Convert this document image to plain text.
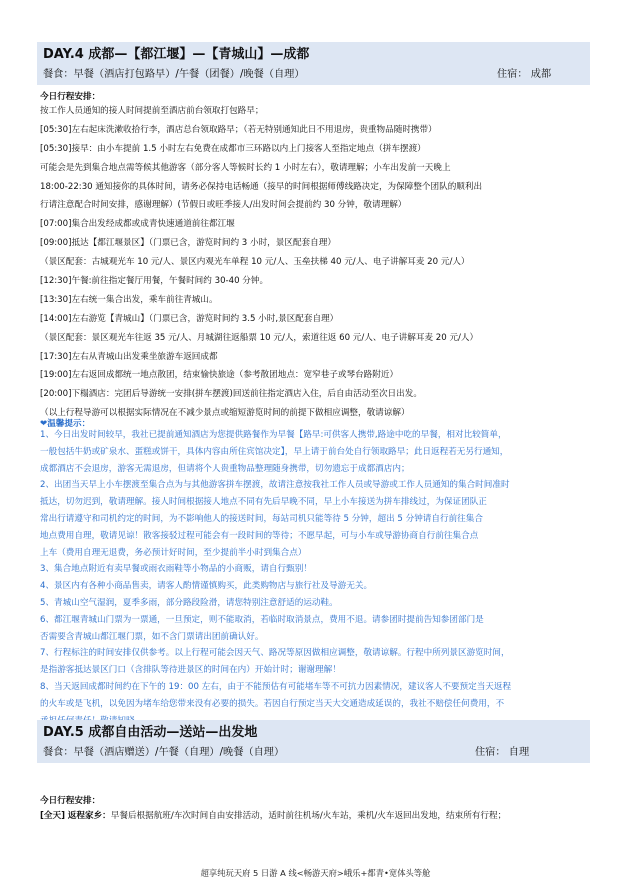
DAY.4 成都—【都江堰】—【青城山】—成都
餐食：早餐（酒店打包路早）/午餐（团餐）/晚餐（自理）	住宿： 成都
今日行程安排：
按工作人员通知的接人时间提前至酒店前台领取打包路早；
[05:30]左右起床洗漱收拾行李，酒店总台领取路早；（若无特别通知此日不用退房，贵重物品随时携带）
[05:30]接早：由小车提前 1.5 小时左右免费在成都市三环路以内上门接客人至指定地点（拼车摆渡）
可能会是先到集合地点需等候其他游客（部分客人等候时长约 1 小时左右），敬请理解；小车出发前一天晚上
18:00-22:30 通知接你的具体时间，请务必保持电话畅通（接早的时间根据师傅线路决定，为保障整个团队的顺利出
行请注意配合时间安排，感谢理解）(节假日或旺季接人/出发时间会提前约 30 分钟，敬请理解）
[07:00]集合出发经成都或成青快速通道前往都江堰
[09:00]抵达【都江堰景区】（门票已含，游览时间约 3 小时，景区配套自理）
（景区配套：古城观光车 10 元/人、景区内观光车单程 10 元/人、玉垒扶梯 40 元/人、电子讲解耳麦 20 元/人）
[12:30]午餐:前往指定餐厅用餐，午餐时间约 30-40 分钟。
[13:30]左右统一集合出发，乘车前往青城山。
[14:00]左右游览【青城山】（门票已含，游览时间约 3.5 小时,景区配套自理）
（景区配套：景区观光车往返 35 元/人、月城湖往返船票 10 元/人，索道往返 60 元/人、电子讲解耳麦 20 元/人）
[17:30]左右从青城山出发乘坐旅游车返回成都
[19:00]左右返回成都统一地点散团，结束愉快旅途（参考散团地点：宽窄巷子或琴台路附近）
[20:00]下榻酒店：完团后导游统一安排(拼车摆渡)回送前往指定酒店入住，后自由活动至次日出发。
（以上行程导游可以根据实际情况在不减少景点或缩短游览时间的前提下做相应调整，敬请谅解）
❤温馨提示：
1、今日出发时间较早，我社已提前通知酒店为您提供路餐作为早餐【路早:可供客人携带,路途中吃的早餐，相对比较简单，
一般包括牛奶或矿泉水、蛋糕或饼干，具体内容由所住宾馆决定】，早上请于前台处自行领取路早；此日返程若无另行通知，
成都酒店不会退房，游客无需退房，但请将个人贵重物品整理随身携带，切勿遗忘于成都酒店内；
2、出团当天早上小车摆渡至集合点为与其他游客拼车摆渡，故请注意按我社工作人员或导游或工作人员通知的集合时间准时
抵达，切勿迟到，敬请理解。接人时间根据接人地点不同有先后早晚不同，早上小车接送为拼车排线过，为保证团队正
常出行请遵守和司机约定的时间，为不影响他人的接送时间，每站司机只能等待 5 分钟，超出 5 分钟请自行前往集合
地点费用自理，敬请见谅！散客接驳过程可能会有一段时间的等待；不愿早起，可与小车或导游协商自行前往集合点
上车（费用自理无退费，务必预计好时间，至少提前半小时到集合点）
3、集合地点附近有卖早餐或雨衣雨鞋等小物品的小商贩，请自行甄别！
4、景区内有各种小商品售卖，请客人酌情谨慎购买，此类购物店与旅行社及导游无关。
5、青城山空气湿润，夏季多雨，部分路段险滑，请您特别注意舒适的运动鞋。
6、都江堰青城山门票为一票通，一旦预定，则不能取消，若临时取消景点，费用不退。请参团时提前告知参团部门是
否需要含青城山都江堰门票，如不含门票请出团前确认好。
7、行程标注的时间安排仅供参考。以上行程可能会因天气、路况等原因做相应调整，敬请谅解。行程中所列景区游览时间，
是指游客抵达景区门口（含排队等待进景区的时间在内）开始计时；谢谢理解！
8、当天返回成都时间约在下午的 19：00 左右，由于不能预估有可能堵车等不可抗力因素情况，建议客人不要预定当天返程
的火车或是飞机，以免因为堵车给您带来没有必要的损失。若因自行预定当天大交通造成延误的，我社不赔偿任何费用，不
DAY.5 成都自由活动—送站—出发地
餐食：早餐（酒店赠送）/午餐（自理）/晚餐（自理）	住宿： 自理
今日行程安排：
[全天] 返程家乡：早餐后根据航班/车次时间自由安排活动，适时前往机场/火车站，乘机/火车返回出发地，结束所有行程；
超享纯玩天府 5 日游 A 线<畅游天府>峨乐+都青•宽体头等舱
